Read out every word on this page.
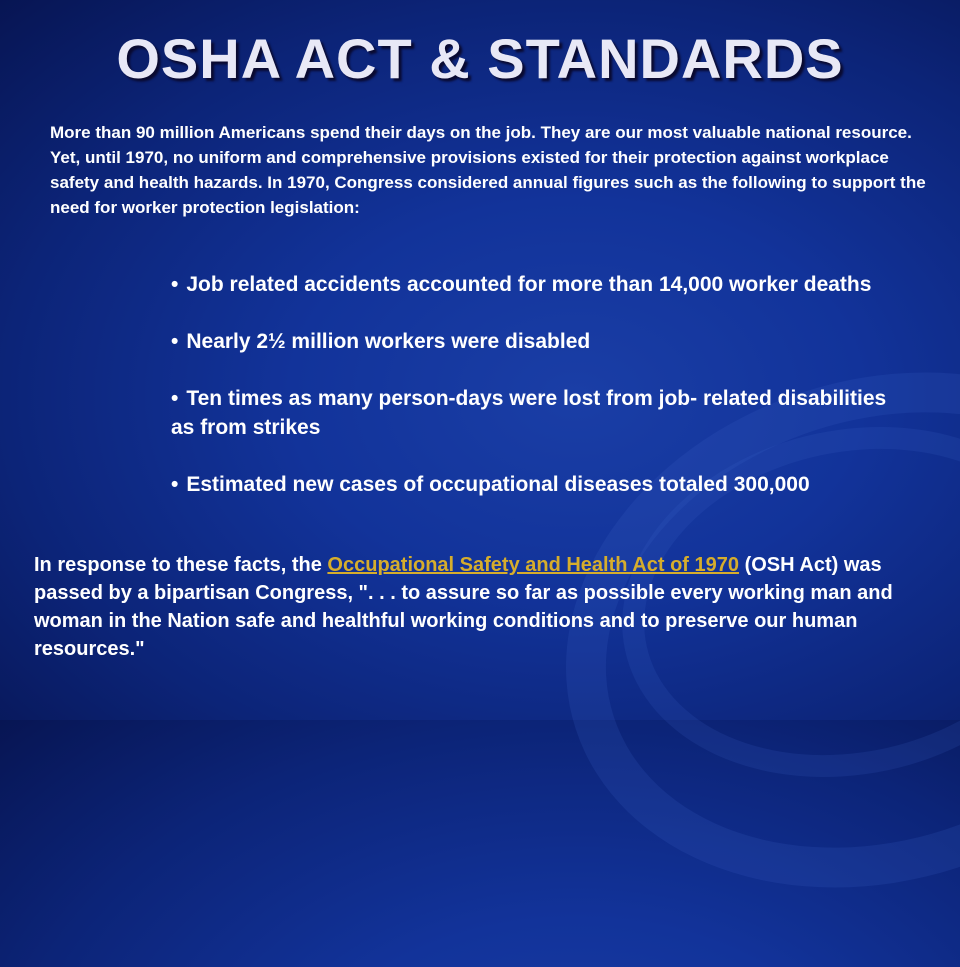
OSHA ACT & STANDARDS
More than 90 million Americans spend their days on the job. They are our most valuable national resource. Yet, until 1970, no uniform and comprehensive provisions existed for their protection against workplace safety and health hazards. In 1970, Congress considered annual figures such as the following to support the need for worker protection legislation:
• Job related accidents accounted for more than 14,000 worker deaths
• Nearly 2½ million workers were disabled
• Ten times as many person-days were lost from job- related disabilities as from strikes
• Estimated new cases of occupational diseases totaled 300,000
In response to these facts, the Occupational Safety and Health Act of 1970 (OSH Act) was passed by a bipartisan Congress, ". . . to assure so far as possible every working man and woman in the Nation safe and healthful working conditions and to preserve our human resources."
